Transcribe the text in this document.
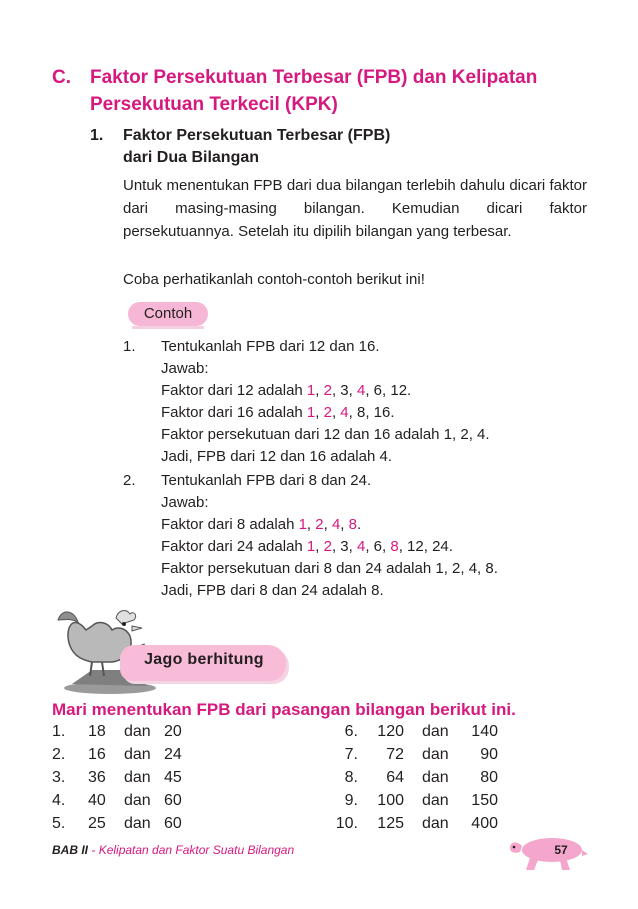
C. Faktor Persekutuan Terbesar (FPB) dan Kelipatan
Persekutuan Terkecil (KPK)
1. Faktor Persekutuan Terbesar (FPB)
dari Dua Bilangan
Untuk menentukan FPB dari dua bilangan terlebih dahulu dicari faktor dari masing-masing bilangan. Kemudian dicari faktor persekutuannya. Setelah itu dipilih bilangan yang terbesar.
Coba perhatikanlah contoh-contoh berikut ini!
Contoh
1. Tentukanlah FPB dari 12 dan 16.
Jawab:
Faktor dari 12 adalah 1, 2, 3, 4, 6, 12.
Faktor dari 16 adalah 1, 2, 4, 8, 16.
Faktor persekutuan dari 12 dan 16 adalah 1, 2, 4.
Jadi, FPB dari 12 dan 16 adalah 4.
2. Tentukanlah FPB dari 8 dan 24.
Jawab:
Faktor dari 8 adalah 1, 2, 4, 8.
Faktor dari 24 adalah 1, 2, 3, 4, 6, 8, 12, 24.
Faktor persekutuan dari 8 dan 24 adalah 1, 2, 4, 8.
Jadi, FPB dari 8 dan 24 adalah 8.
Jago berhitung
Mari menentukan FPB dari pasangan bilangan berikut ini.
1. 18 dan 20
2. 16 dan 24
3. 36 dan 45
4. 40 dan 60
5. 25 dan 60
6.	120 dan	140
7.	72 dan	90
8.	64 dan	80
9.	100 dan	150
10.	125 dan	400
BAB II - Kelipatan dan Faktor Suatu Bilangan	57
